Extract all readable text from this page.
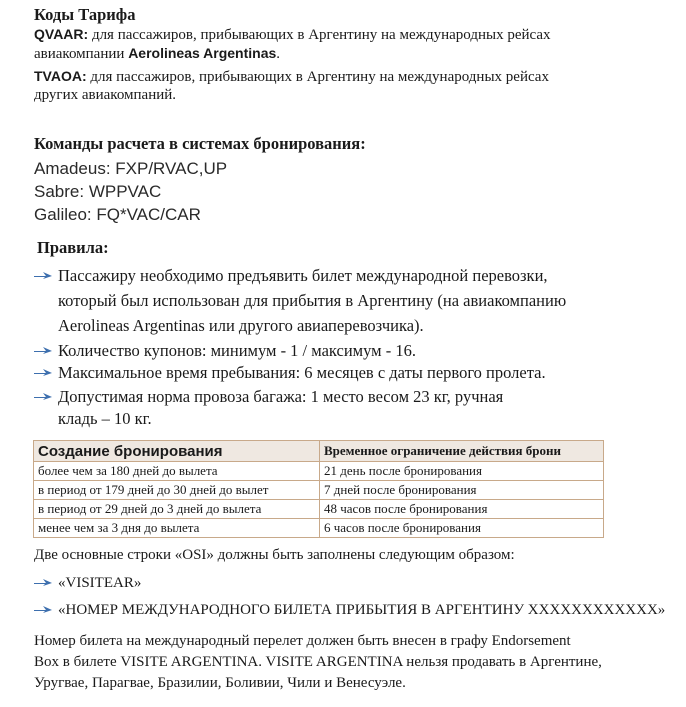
Коды Тарифа
QVAAR: для пассажиров, прибывающих в Аргентину на международных рейсах
авиакомпании Aerolineas Argentinas.
TVAOA: для пассажиров, прибывающих в Аргентину на международных рейсах
других авиакомпаний.
Команды расчета в системах бронирования:
Amadeus: FXP/RVAC,UP
Sabre: WPPVAC
Galileo: FQ*VAC/CAR
Правила:
Пассажиру необходимо предъявить билет международной перевозки,
который был использован для прибытия в Аргентину (на авиакомпанию
Aerolineas Argentinas или другого авиаперевозчика).
Количество купонов: минимум - 1 / максимум - 16.
Максимальное время пребывания: 6 месяцев с даты первого пролета.
Допустимая норма провоза багажа: 1 место весом 23 кг, ручная
кладь – 10 кг.
Создание бронирования	Временное ограничение действия брони
более чем за 180 дней до вылета	21 день после бронирования
в период от 179 дней до 30 дней до вылет	7 дней после бронирования
в период от 29 дней до 3 дней до вылета	48 часов после бронирования
менее чем за 3 дня до вылета	6 часов после бронирования
Две основные строки «OSI» должны быть заполнены следующим образом:
«VISITEAR»
«НОМЕР МЕЖДУНАРОДНОГО БИЛЕТА ПРИБЫТИЯ В АРГЕНТИНУ XXXXXXXXXXXX»
Номер билета на международный перелет должен быть внесен в графу Endorsement
Box в билете VISITE ARGENTINA. VISITE ARGENTINA нельзя продавать в Аргентине,
Уругвае, Парагвае, Бразилии, Боливии, Чили и Венесуэле.
